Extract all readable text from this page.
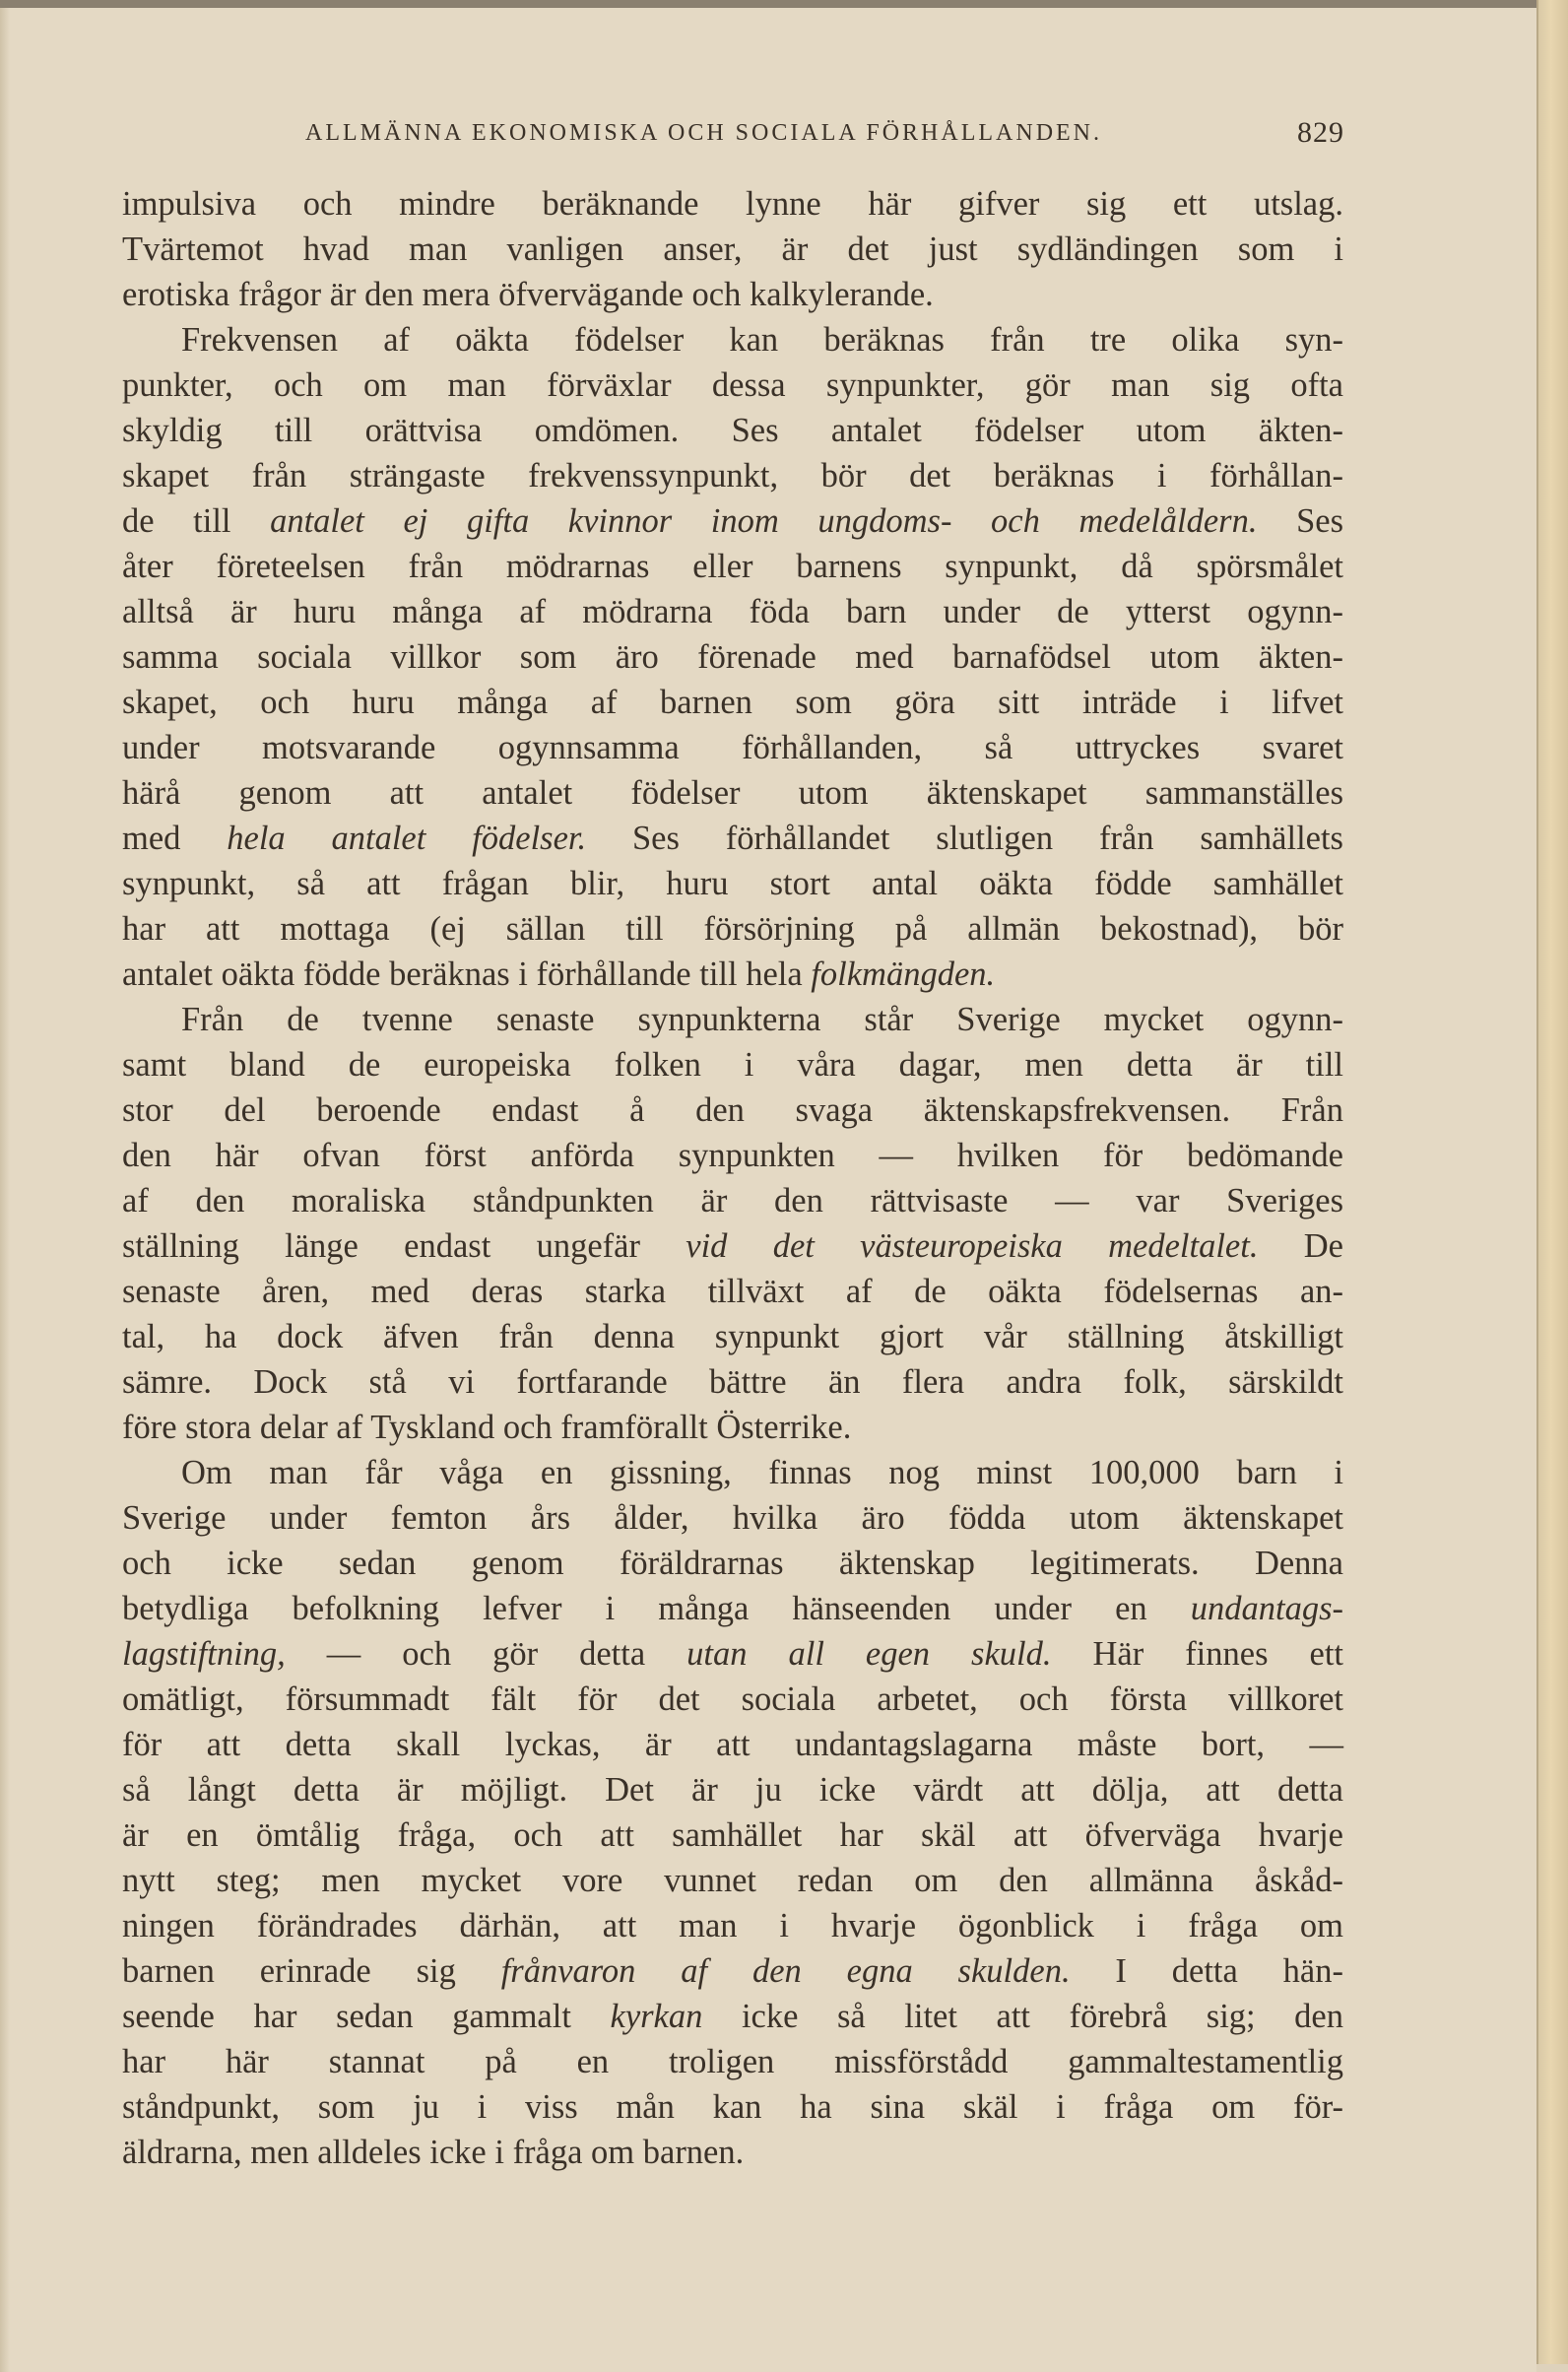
ALLMÄNNA EKONOMISKA OCH SOCIALA FÖRHÅLLANDEN.	829
impulsiva och mindre beräknande lynne här gifver sig ett utslag.
Tvärtemot hvad man vanligen anser, är det just sydländingen som i
erotiska frågor är den mera öfvervägande och kalkylerande.
Frekvensen af oäkta födelser kan beräknas från tre olika syn-
punkter, och om man förväxlar dessa synpunkter, gör man sig ofta
skyldig till orättvisa omdömen. Ses antalet födelser utom äkten-
skapet från strängaste frekvenssynpunkt, bör det beräknas i förhållan-
de till antalet ej gifta kvinnor inom ungdoms- och medelåldern. Ses
åter företeelsen från mödrarnas eller barnens synpunkt, då spörsmålet
alltså är huru många af mödrarna föda barn under de ytterst ogynn-
samma sociala villkor som äro förenade med barnafödsel utom äkten-
skapet, och huru många af barnen som göra sitt inträde i lifvet
under motsvarande ogynnsamma förhållanden, så uttryckes svaret
härå genom att antalet födelser utom äktenskapet sammanställes
med hela antalet födelser. Ses förhållandet slutligen från samhällets
synpunkt, så att frågan blir, huru stort antal oäkta födde samhället
har att mottaga (ej sällan till försörjning på allmän bekostnad), bör
antalet oäkta födde beräknas i förhållande till hela folkmängden.
Från de tvenne senaste synpunkterna står Sverige mycket ogynn-
samt bland de europeiska folken i våra dagar, men detta är till
stor del beroende endast å den svaga äktenskapsfrekvensen. Från
den här ofvan först anförda synpunkten — hvilken för bedömande
af den moraliska ståndpunkten är den rättvisaste — var Sveriges
ställning länge endast ungefär vid det västeuropeiska medeltalet. De
senaste åren, med deras starka tillväxt af de oäkta födelsernas an-
tal, ha dock äfven från denna synpunkt gjort vår ställning åtskilligt
sämre. Dock stå vi fortfarande bättre än flera andra folk, särskildt
före stora delar af Tyskland och framförallt Österrike.
Om man får våga en gissning, finnas nog minst 100,000 barn i
Sverige under femton års ålder, hvilka äro födda utom äktenskapet
och icke sedan genom föräldrarnas äktenskap legitimerats. Denna
betydliga befolkning lefver i många hänseenden under en undantags-
lagstiftning, — och gör detta utan all egen skuld. Här finnes ett
omätligt, försummadt fält för det sociala arbetet, och första villkoret
för att detta skall lyckas, är att undantagslagarna måste bort, —
så långt detta är möjligt. Det är ju icke värdt att dölja, att detta
är en ömtålig fråga, och att samhället har skäl att öfverväga hvarje
nytt steg; men mycket vore vunnet redan om den allmänna åskåd-
ningen förändrades därhän, att man i hvarje ögonblick i fråga om
barnen erinrade sig frånvaron af den egna skulden. I detta hän-
seende har sedan gammalt kyrkan icke så litet att förebrå sig; den
har här stannat på en troligen missförstådd gammaltestamentlig
ståndpunkt, som ju i viss mån kan ha sina skäl i fråga om för-
äldrarna, men alldeles icke i fråga om barnen.
